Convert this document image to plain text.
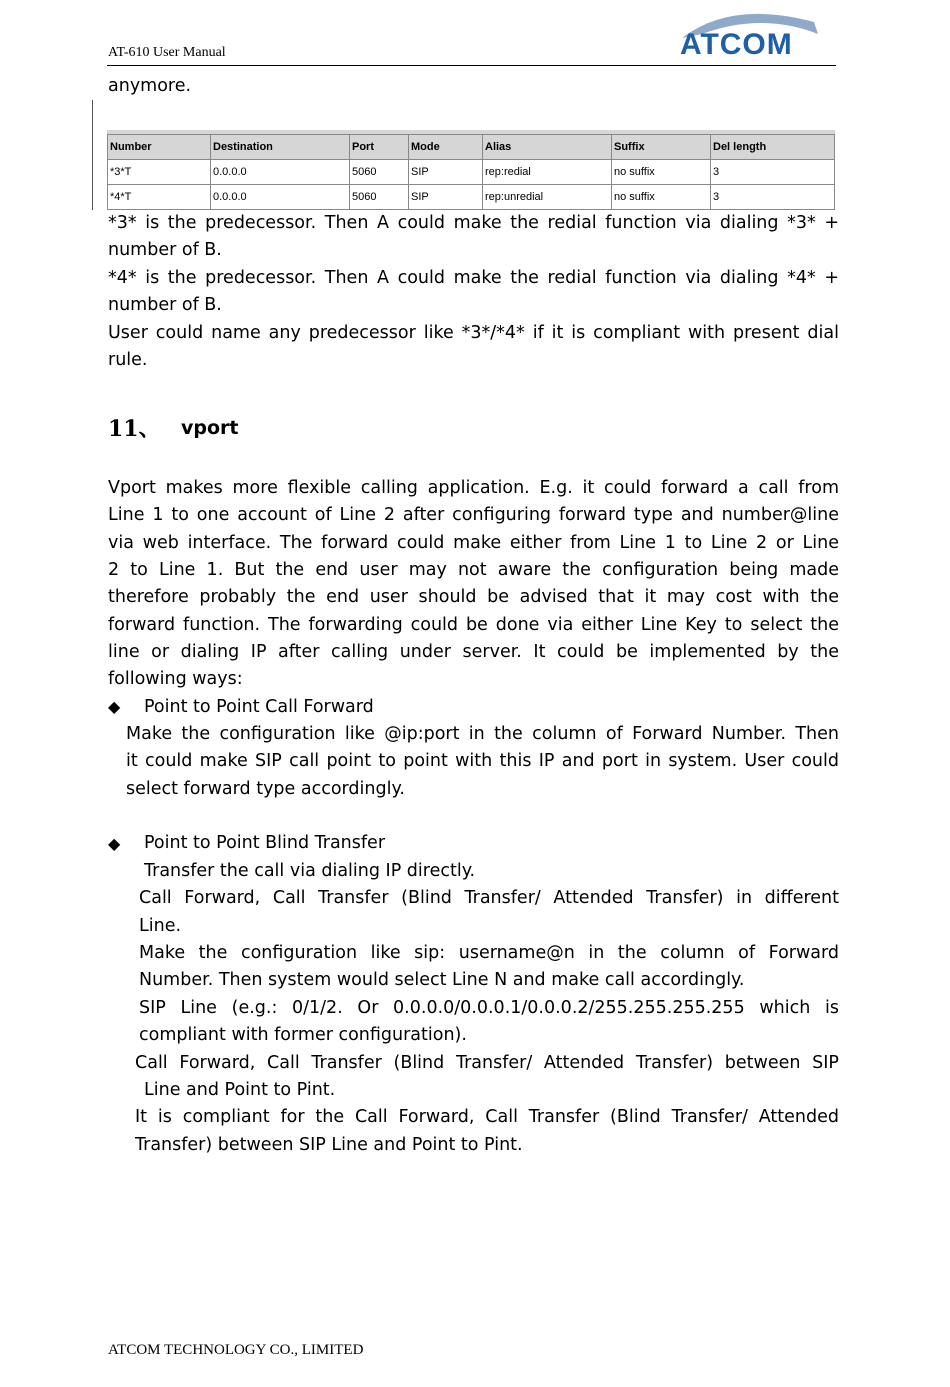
AT-610 User Manual	ATCOM
anymore.
Number	Destination	Port	Mode	Alias	Suffix	Del length
*3*T	0.0.0.0	5060	SIP	rep:redial	no suffix	3
*4*T	0.0.0.0	5060	SIP	rep:unredial	no suffix	3
*3* is the predecessor. Then A could make the redial function via dialing *3* +
number of B.
*4* is the predecessor. Then A could make the redial function via dialing *4* +
number of B.
User could name any predecessor like *3*/*4* if it is compliant with present dial
rule.
11、 vport
Vport makes more flexible calling application. E.g. it could forward a call from
Line 1 to one account of Line 2 after configuring forward type and number@line
via web interface. The forward could make either from Line 1 to Line 2 or Line
2 to Line 1. But the end user may not aware the configuration being made
therefore probably the end user should be advised that it may cost with the
forward function. The forwarding could be done via either Line Key to select the
line or dialing IP after calling under server. It could be implemented by the
following ways:
◆ Point to Point Call Forward
Make the configuration like @ip:port in the column of Forward Number. Then
it could make SIP call point to point with this IP and port in system. User could
select forward type accordingly.
◆ Point to Point Blind Transfer
Transfer the call via dialing IP directly.
Call Forward, Call Transfer (Blind Transfer/ Attended Transfer) in different
Line.
Make the configuration like sip: username@n in the column of Forward
Number. Then system would select Line N and make call accordingly.
SIP Line (e.g.: 0/1/2. Or 0.0.0.0/0.0.0.1/0.0.0.2/255.255.255.255 which is
compliant with former configuration).
Call Forward, Call Transfer (Blind Transfer/ Attended Transfer) between SIP
Line and Point to Pint.
It is compliant for the Call Forward, Call Transfer (Blind Transfer/ Attended
Transfer) between SIP Line and Point to Pint.
ATCOM TECHNOLOGY CO., LIMITED
